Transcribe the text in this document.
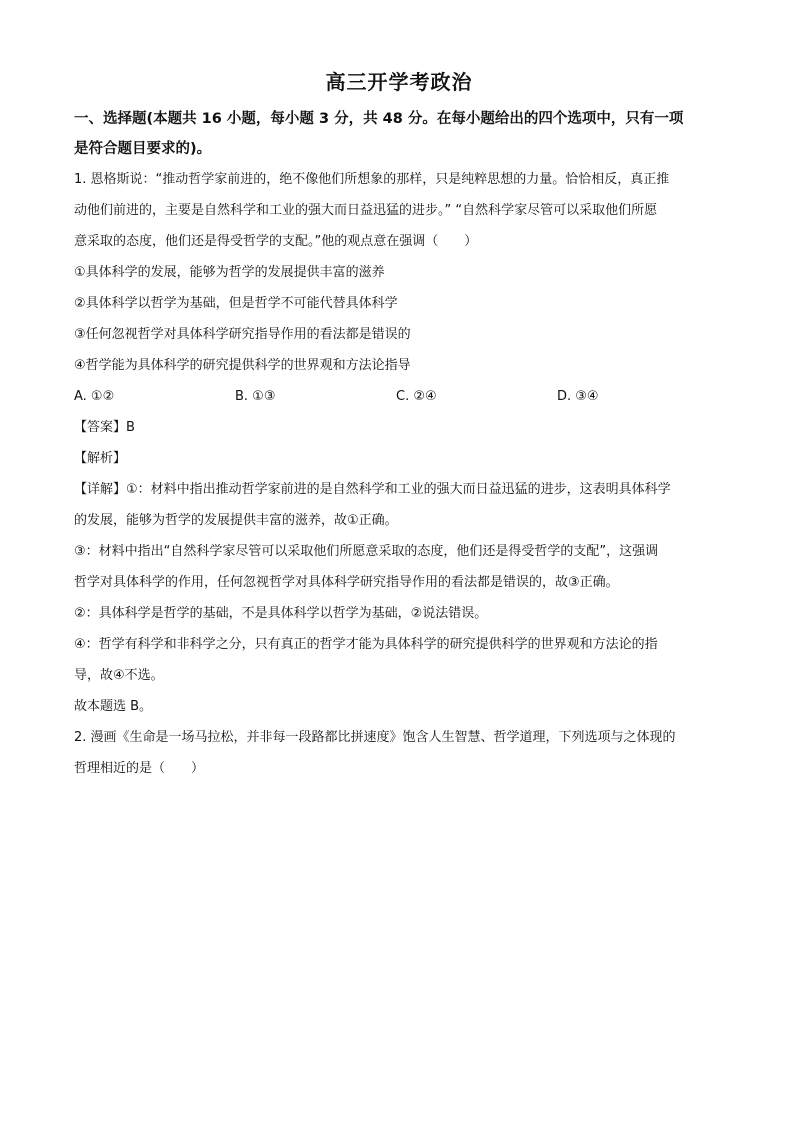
高三开学考政治
一、选择题(本题共 16 小题，每小题 3 分，共 48 分。在每小题给出的四个选项中，只有一项
是符合题目要求的)。

1. 恩格斯说：“推动哲学家前进的，绝不像他们所想象的那样，只是纯粹思想的力量。恰恰相反，真正推

动他们前进的，主要是自然科学和工业的强大而日益迅猛的进步。” “自然科学家尽管可以采取他们所愿

意采取的态度，他们还是得受哲学的支配。”他的观点意在强调（　　）

①具体科学的发展，能够为哲学的发展提供丰富的滋养

②具体科学以哲学为基础，但是哲学不可能代替具体科学

③任何忽视哲学对具体科学研究指导作用的看法都是错误的

④哲学能为具体科学的研究提供科学的世界观和方法论指导

A. ①②	B. ①③	C. ②④	D. ③④
【答案】B
【解析】

【详解】①：材料中指出推动哲学家前进的是自然科学和工业的强大而日益迅猛的进步，这表明具体科学

的发展，能够为哲学的发展提供丰富的滋养，故①正确。

③：材料中指出“自然科学家尽管可以采取他们所愿意采取的态度，他们还是得受哲学的支配”，这强调

哲学对具体科学的作用，任何忽视哲学对具体科学研究指导作用的看法都是错误的，故③正确。

②：具体科学是哲学的基础，不是具体科学以哲学为基础，②说法错误。

④：哲学有科学和非科学之分，只有真正的哲学才能为具体科学的研究提供科学的世界观和方法论的指

导，故④不选。

故本题选 B。

2. 漫画《生命是一场马拉松，并非每一段路都比拼速度》饱含人生智慧、哲学道理，下列选项与之体现的

哲理相近的是（　　）
